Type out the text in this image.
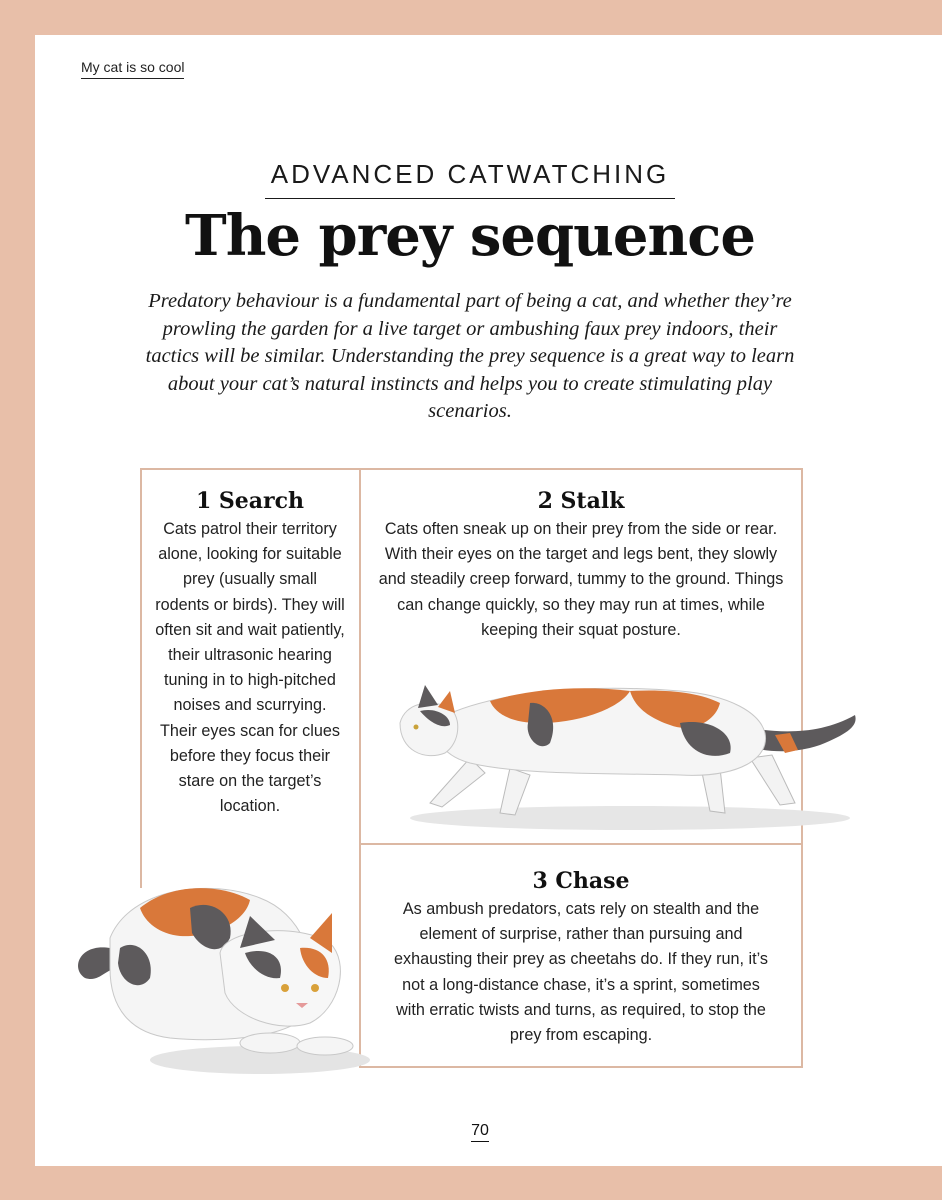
My cat is so cool
ADVANCED CATWATCHING
The prey sequence
Predatory behaviour is a fundamental part of being a cat, and whether they’re prowling the garden for a live target or ambushing faux prey indoors, their tactics will be similar. Understanding the prey sequence is a great way to learn about your cat’s natural instincts and helps you to create stimulating play scenarios.
1 Search
Cats patrol their territory alone, looking for suitable prey (usually small rodents or birds). They will often sit and wait patiently, their ultrasonic hearing tuning in to high-pitched noises and scurrying. Their eyes scan for clues before they focus their stare on the target’s location.
2 Stalk
Cats often sneak up on their prey from the side or rear. With their eyes on the target and legs bent, they slowly and steadily creep forward, tummy to the ground. Things can change quickly, so they may run at times, while keeping their squat posture.
3 Chase
As ambush predators, cats rely on stealth and the element of surprise, rather than pursuing and exhausting their prey as cheetahs do. If they run, it’s not a long-distance chase, it’s a sprint, sometimes with erratic twists and turns, as required, to stop the prey from escaping.
70
